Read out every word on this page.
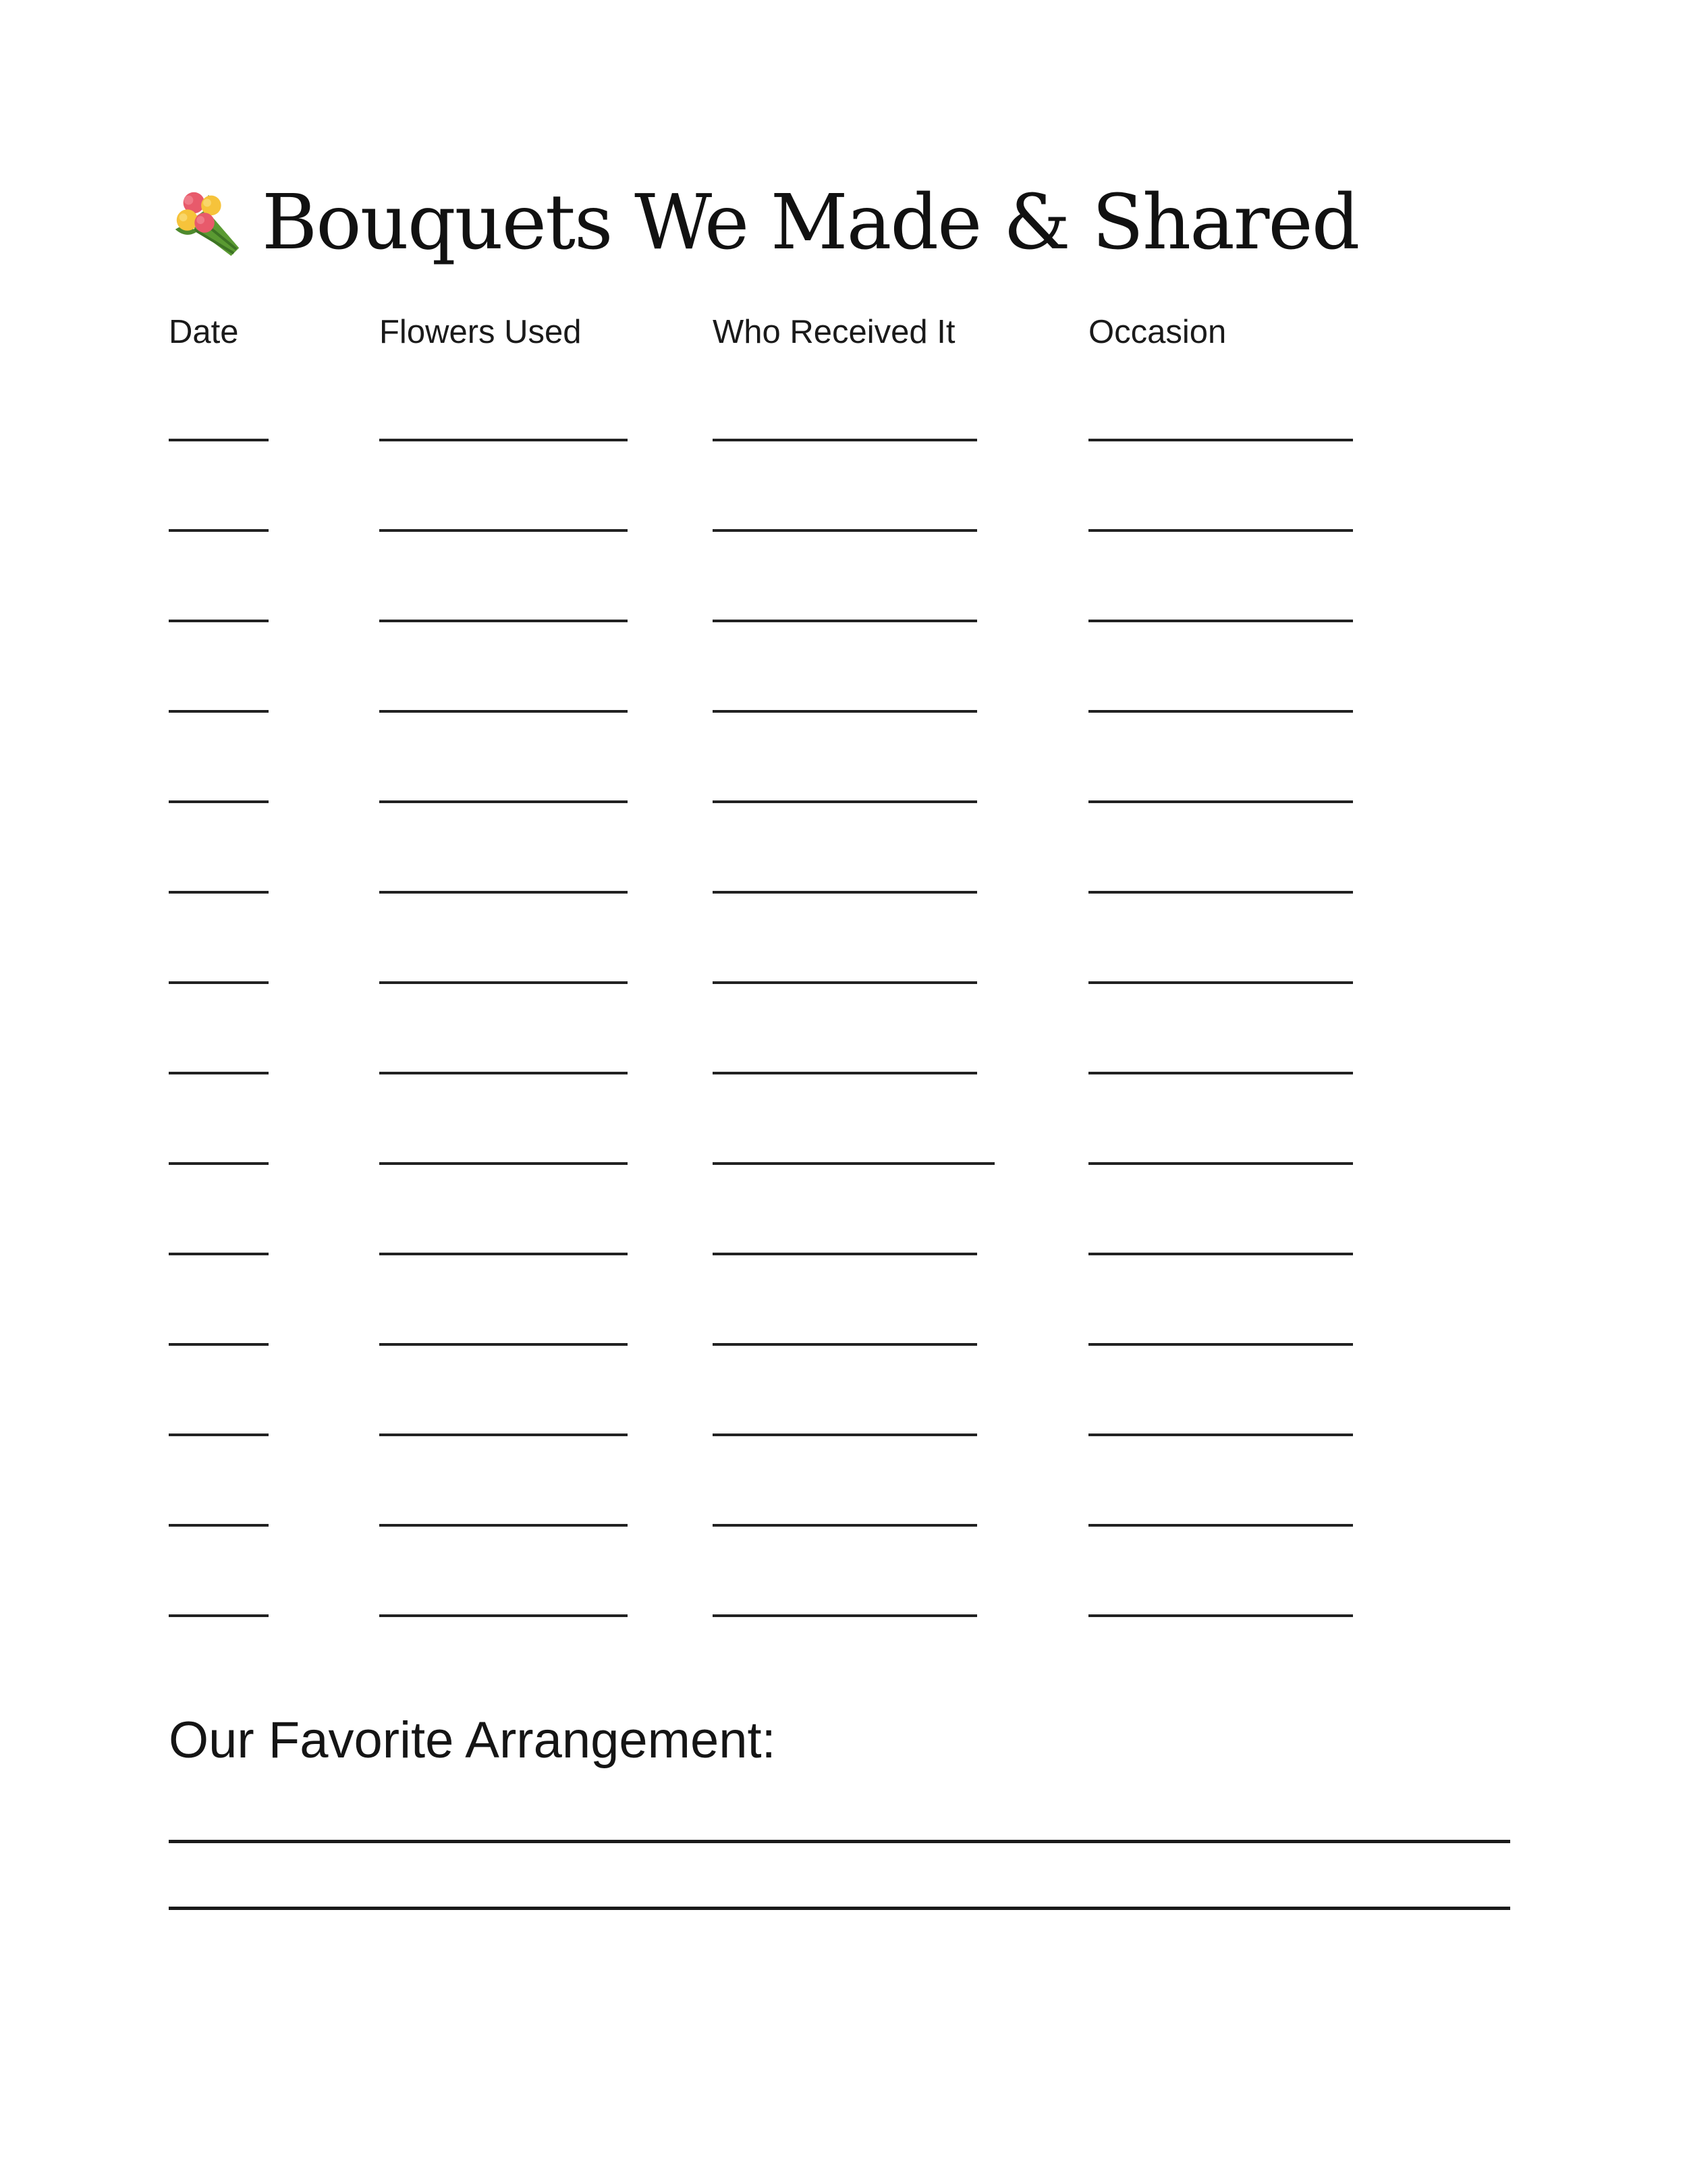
Bouquets We Made & Shared
Date	Flowers Used	Who Received It	Occasion
Our Favorite Arrangement:
